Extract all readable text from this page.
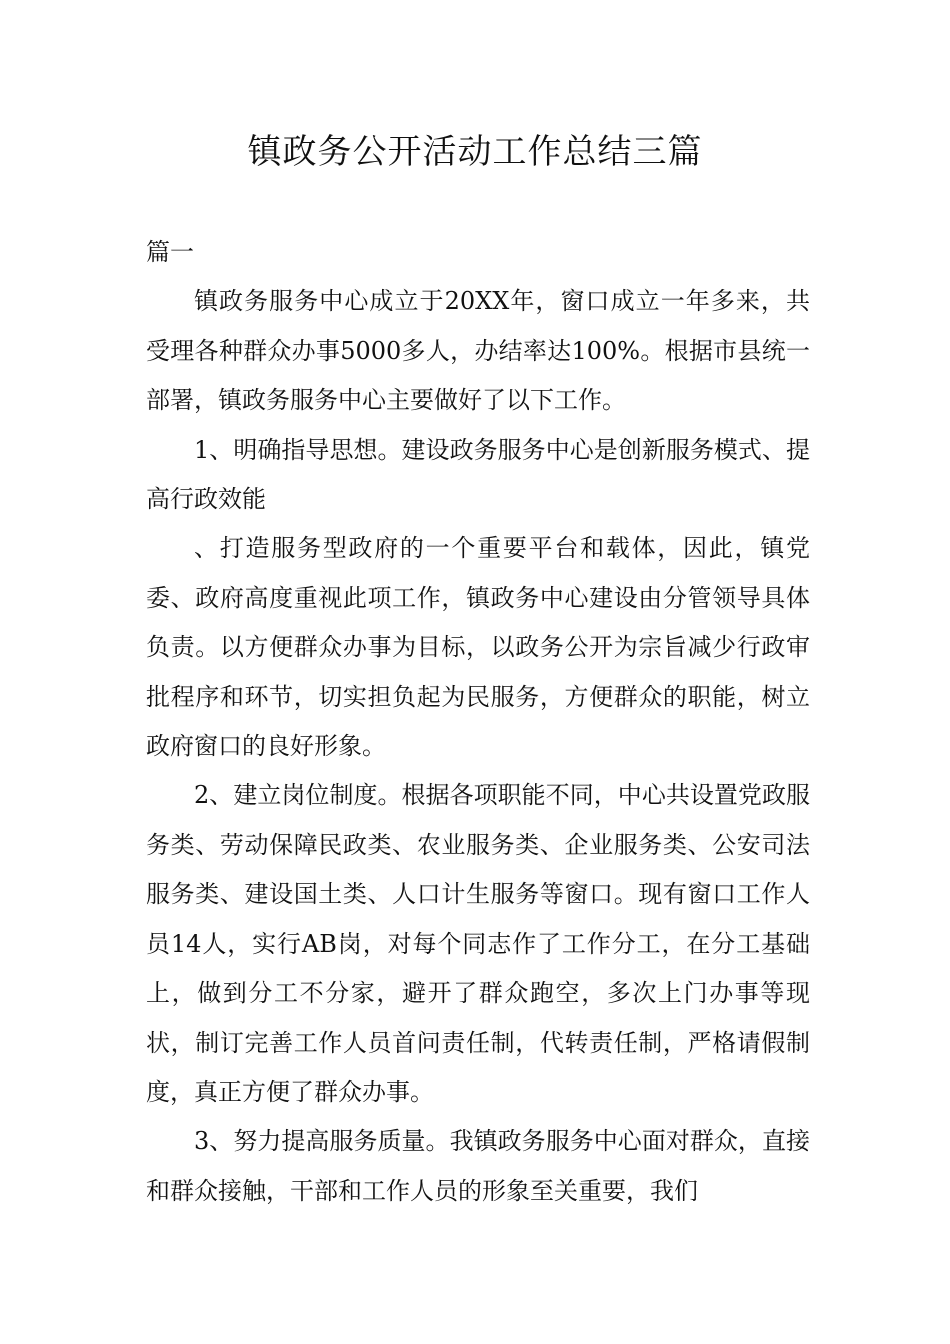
镇政务公开活动工作总结三篇

篇一

镇政务服务中心成立于20XX年，窗口成立一年多来，共受理各种群众办事5000多人，办结率达100%。根据市县统一部署，镇政务服务中心主要做好了以下工作。

1、明确指导思想。建设政务服务中心是创新服务模式、提高行政效能

、打造服务型政府的一个重要平台和载体，因此，镇党委、政府高度重视此项工作，镇政务中心建设由分管领导具体负责。以方便群众办事为目标，以政务公开为宗旨减少行政审批程序和环节，切实担负起为民服务，方便群众的职能，树立政府窗口的良好形象。

2、建立岗位制度。根据各项职能不同，中心共设置党政服务类、劳动保障民政类、农业服务类、企业服务类、公安司法服务类、建设国土类、人口计生服务等窗口。现有窗口工作人员14人，实行AB岗，对每个同志作了工作分工，在分工基础上，做到分工不分家，避开了群众跑空，多次上门办事等现状，制订完善工作人员首问责任制，代转责任制，严格请假制度，真正方便了群众办事。

3、努力提高服务质量。我镇政务服务中心面对群众，直接和群众接触，干部和工作人员的形象至关重要，我们
